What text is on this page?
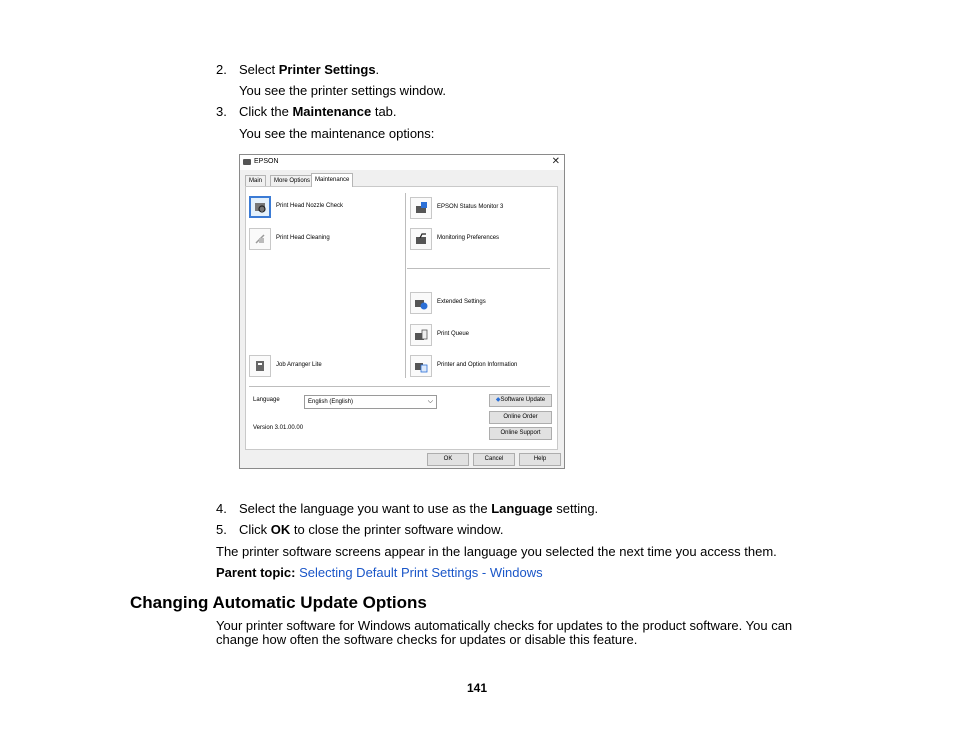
2. Select Printer Settings.
You see the printer settings window.
3. Click the Maintenance tab.
You see the maintenance options:
EPSON	✕
Main	More Options Maintenance
Print Head Nozzle Check
Print Head Cleaning
Job Arranger Lite
EPSON Status Monitor 3
Monitoring Preferences
Extended Settings
Print Queue
Printer and Option Information
Language	English (English)	⌵
Version 3.01.00.00
◆Software Update
Online Order
Online Support
OK	Cancel	Help
4. Select the language you want to use as the Language setting.
5. Click OK to close the printer software window.
The printer software screens appear in the language you selected the next time you access them.
Parent topic: Selecting Default Print Settings - Windows
Changing Automatic Update Options
Your printer software for Windows automatically checks for updates to the product software. You can
change how often the software checks for updates or disable this feature.
141
